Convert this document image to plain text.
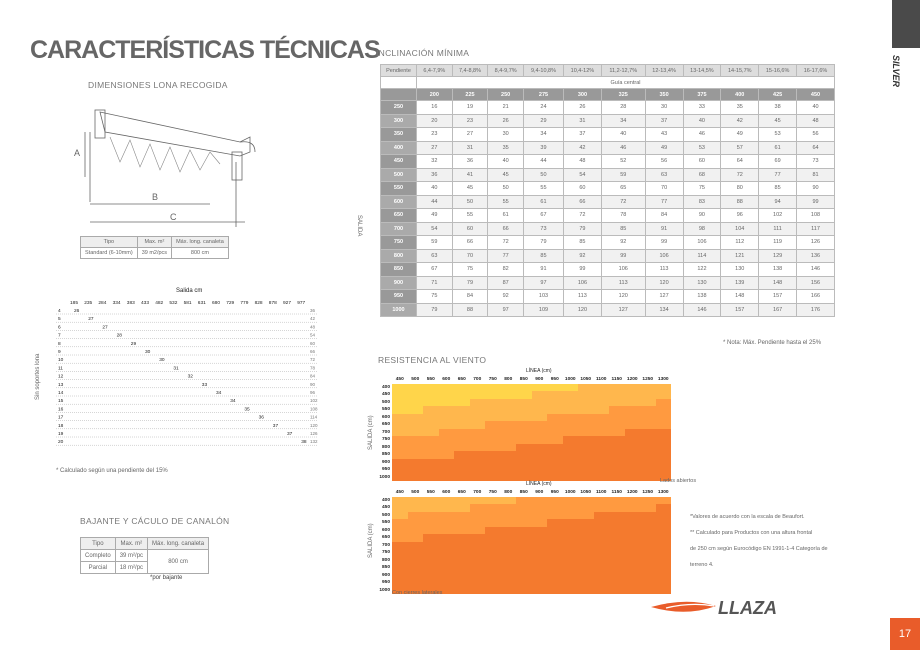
SILVER
CARACTERÍSTICAS TÉCNICAS
DIMENSIONES LONA RECOGIDA
A
B
C
Tipo	Max. m²	Máx. long. canaleta
Standard (6-10mm)	39 m2/pcs	800 cm
Salida cm
Sin soportes lona
185 235 284 334 383 433 482 532 581 631 680 729 779 828 878 927 977
4	26	36
5	27	42
6	27	48
7	28	54
8	29	60
9	30	66
10	30	72
11	31	78
12	32	84
13	33	90
14	34	96
15	34	102
16	35	108
17	36	114
18	37	120
19	37	126
20	38 132
* Calculado según una pendiente del 15%
BAJANTE Y CÁCULO DE CANALÓN
Tipo	Max. m²	Máx. long. canaleta
Completo	39 m²/pc	800 cm
Parcial	18 m²/pc	
*por bajante
INCLINACIÓN MÍNIMA
SALIDA
Pendiente	6,4-7,9%	7,4-8,8%	8,4-9,7%	9,4-10,8%	10,4-12%	11,2-12,7%	12-13,4%	13-14,5%	14-15,7%	15-16,6%	16-17,6%
	Guía central										
	200	225	250	275	300	325	350	375	400	425	450
250	16	19	21	24	26	28	30	33	35	38	40
300	20	23	26	29	31	34	37	40	42	45	48
350	23	27	30	34	37	40	43	46	49	53	56
400	27	31	35	39	42	46	49	53	57	61	64
450	32	36	40	44	48	52	56	60	64	69	73
500	36	41	45	50	54	59	63	68	72	77	81
550	40	45	50	55	60	65	70	75	80	85	90
600	44	50	55	61	66	72	77	83	88	94	99
650	49	55	61	67	72	78	84	90	96	102	108
700	54	60	66	73	79	85	91	98	104	111	117
750	59	66	72	79	85	92	99	106	112	119	126
800	63	70	77	85	92	99	106	114	121	129	136
850	67	75	82	91	99	106	113	122	130	138	146
900	71	79	87	97	106	113	120	130	139	148	156
950	75	84	92	103	113	120	127	138	148	157	166
1000	79	88	97	109	120	127	134	146	157	167	176
* Nota: Máx. Pendiente hasta el 25%
RESISTENCIA AL VIENTO
LÍNEA (cm)
SALIDA (cm)
	450	500	550	600	650	700	750	800	850	900	950	1000	1050	1100	1150	1200	1250	1300
400																		
450																		
500																		
550																		
600																		
650																		
700																		
750																		
800																		
850																		
900																		
950																		
1000																		
Lados abiertos
LÍNEA (cm)
SALIDA (cm)
	450	500	550	600	650	700	750	800	850	900	950	1000	1050	1100	1150	1200	1250	1300
400																		
450																		
500																		
550																		
600																		
650																		
700																		
750																		
800																		
850																		
900																		
950																		
1000																		Con cierres laterales
*Valores de acuerdo con la escala de Beaufort.
** Calculado para Productos con una altura frontal
de 250 cm según Eurocódigo EN 1991-1-4 Categoría de
terreno 4.
LLAZA
17
